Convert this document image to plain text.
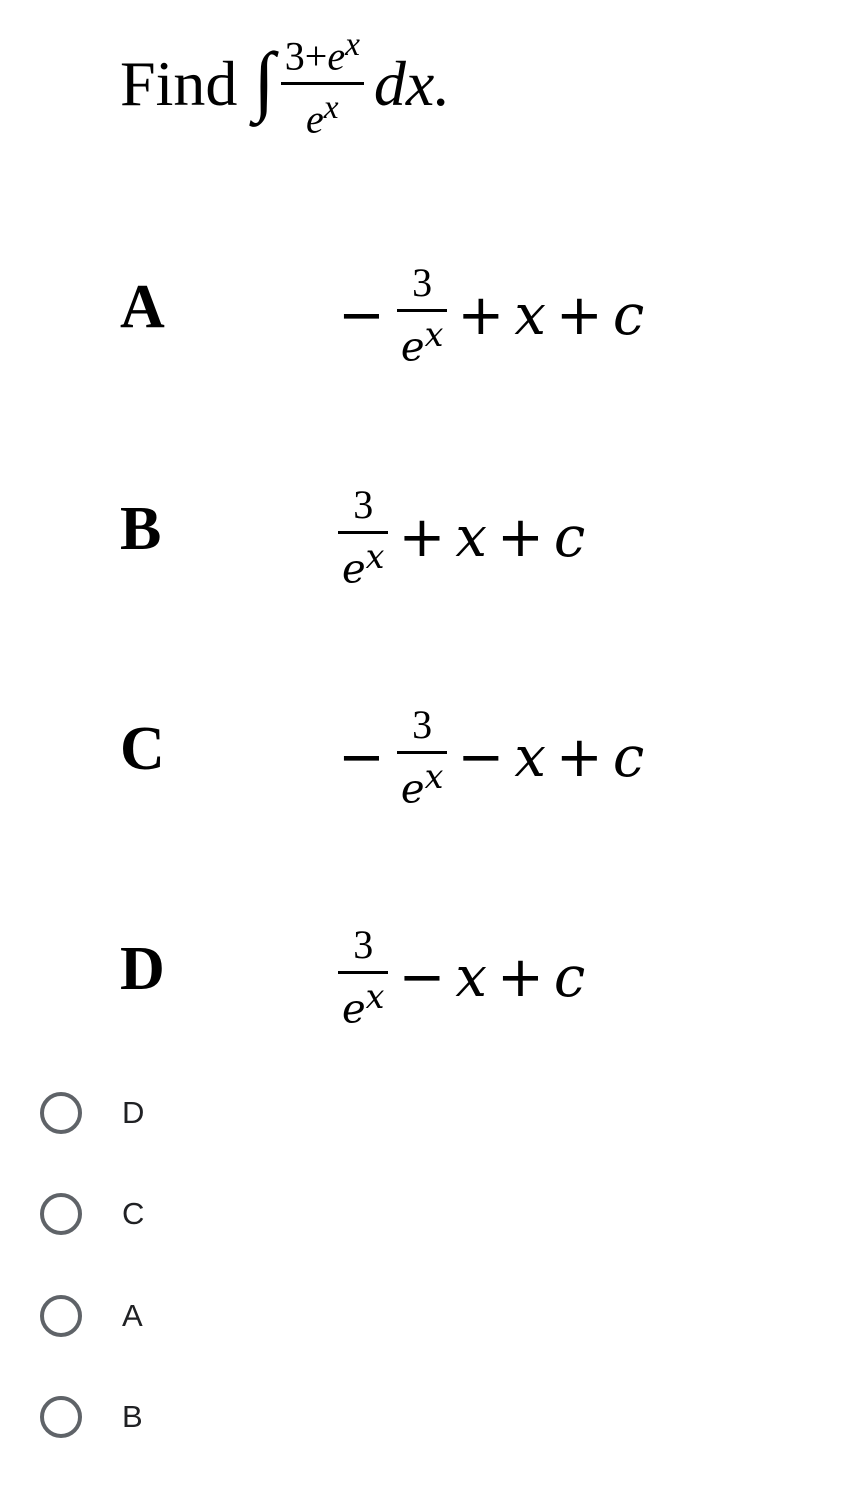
Find ∫ $\frac{3+e^x}{e^x}$ dx.
A	− $\frac{3}{e^x} + x + c$
B	$\frac{3}{e^x} + x + c$
C	− $\frac{3}{e^x} - x + c$
D	$\frac{3}{e^x} - x + c$
D
C
A
B
